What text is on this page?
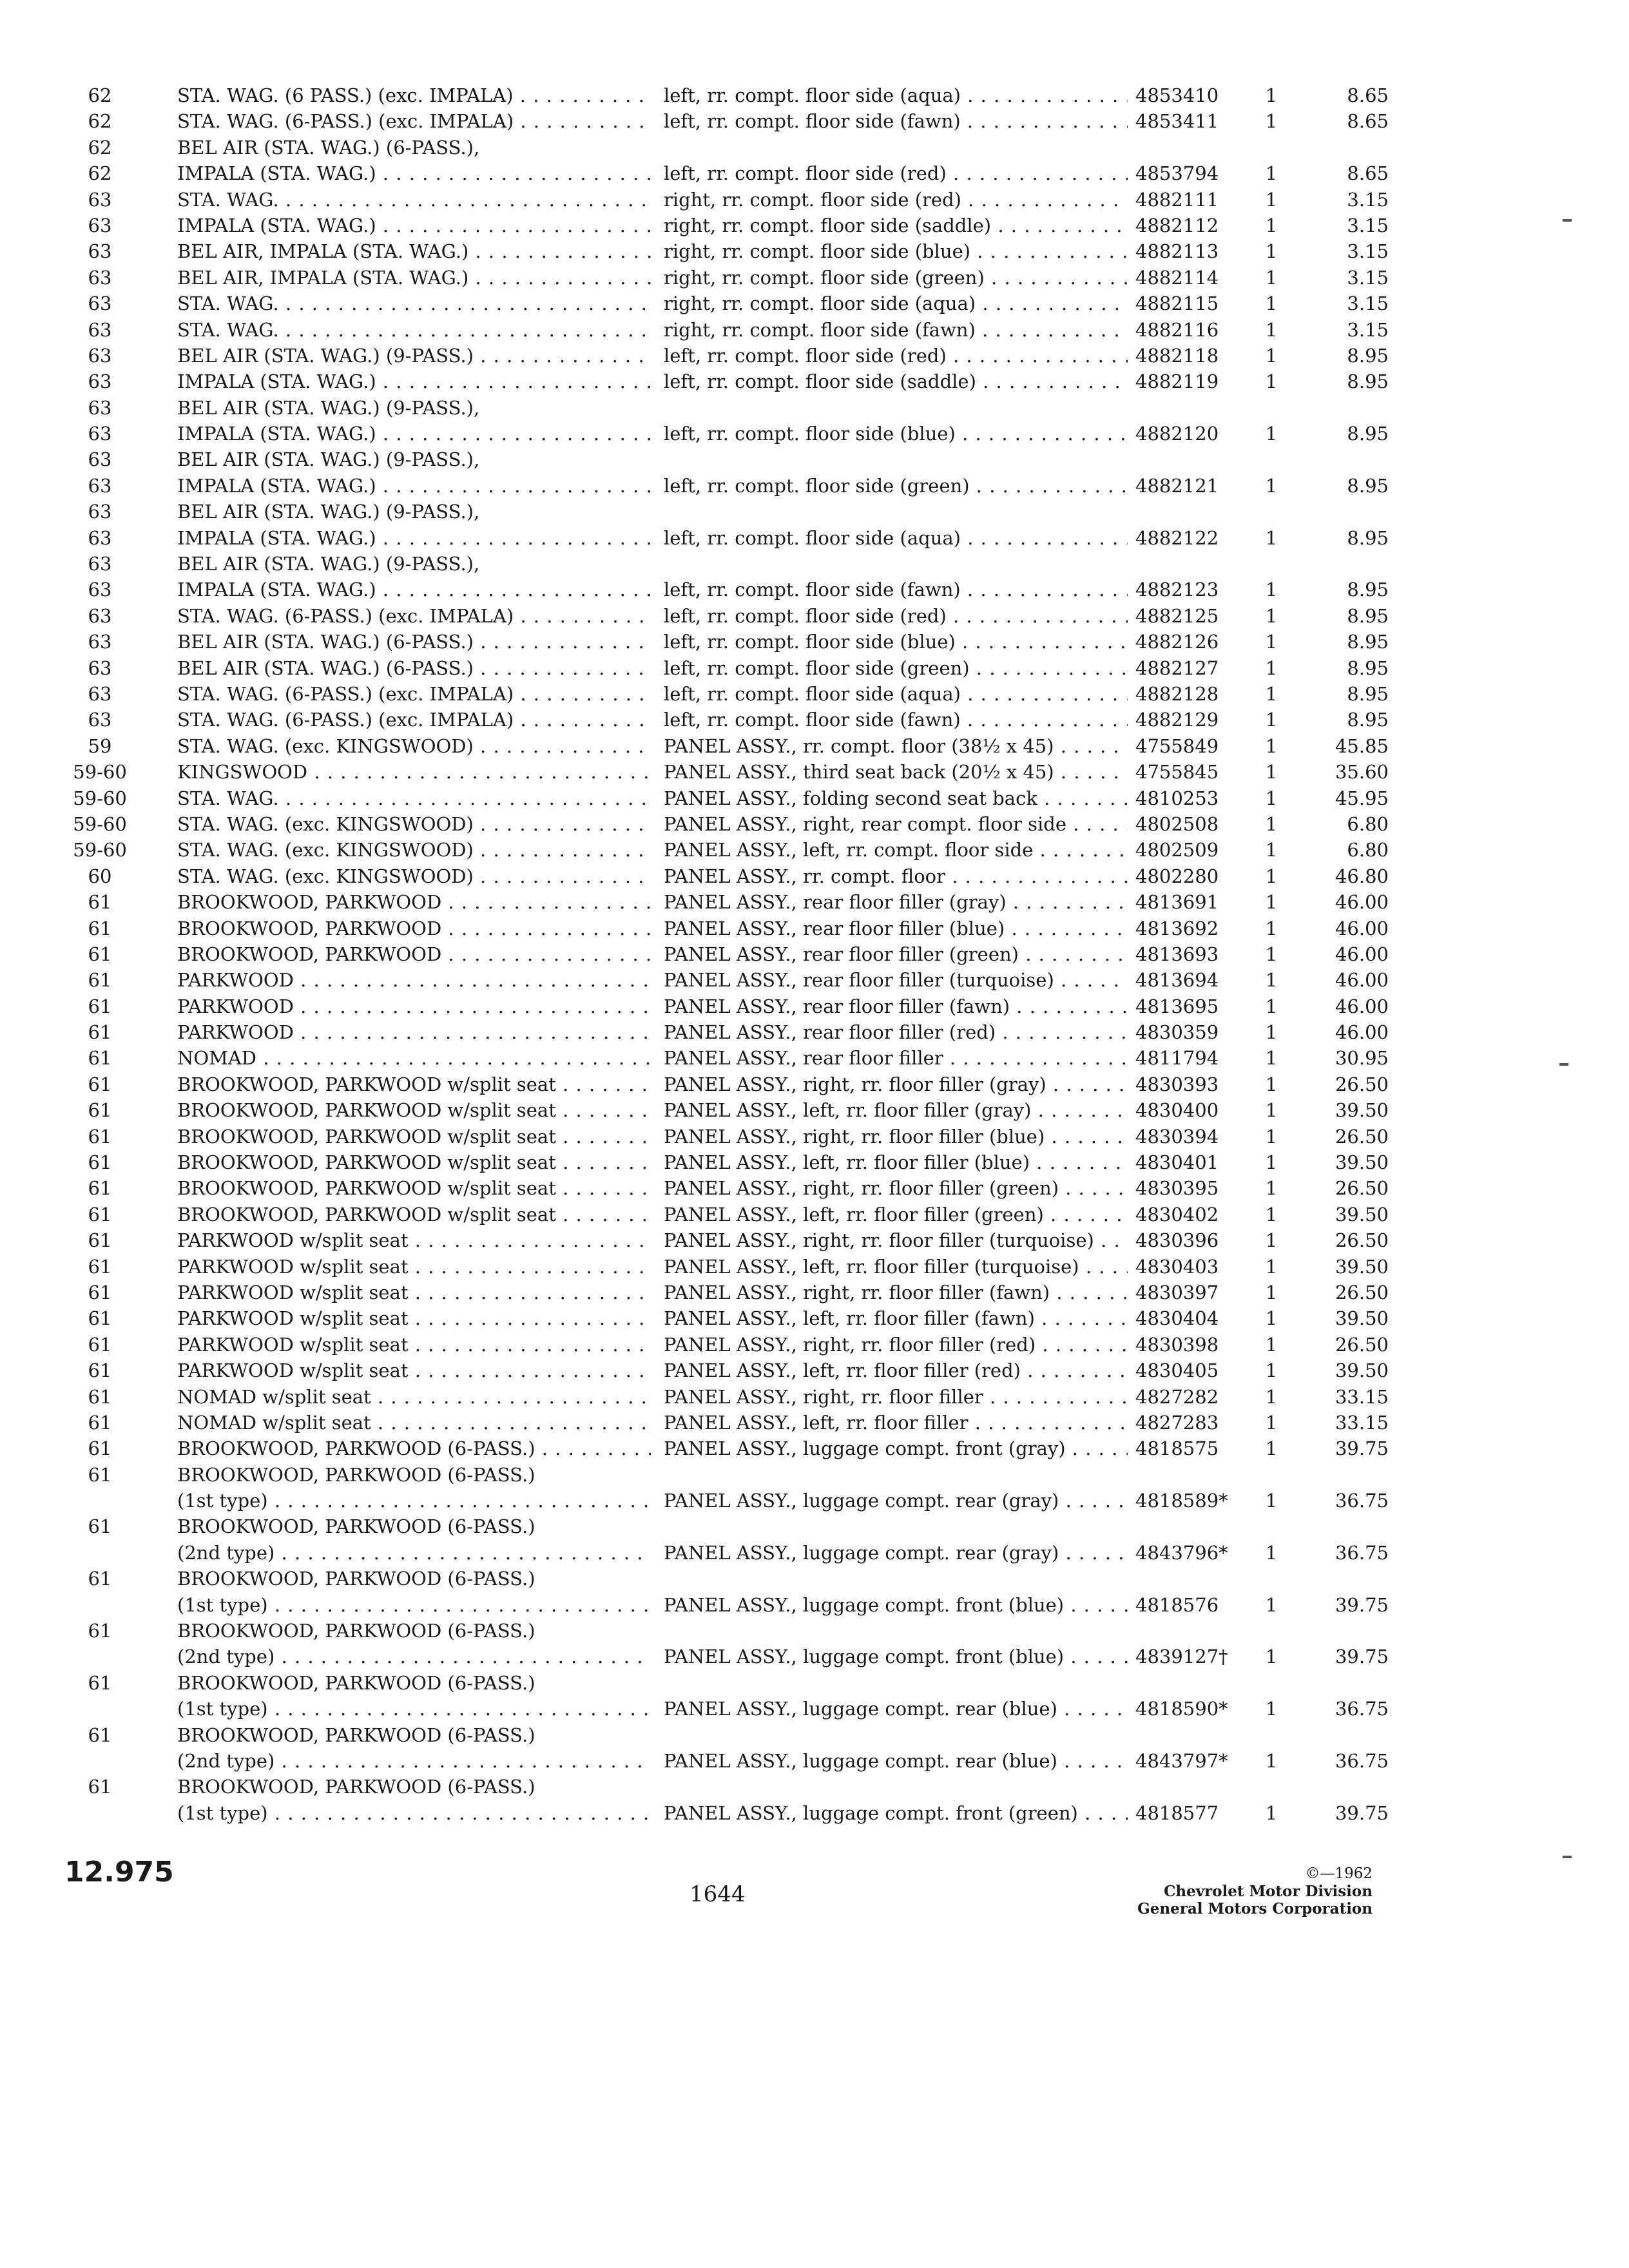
62	STA. WAG. (6 PASS.) (exc. IMPALA) . . .	left, rr. compt. floor side (aqua) . . .	4853410	1	8.65
62	STA. WAG. (6-PASS.) (exc. IMPALA) . . .	left, rr. compt. floor side (fawn) . . .	4853411	1	8.65
62	BEL AIR (STA. WAG.) (6-PASS.),
62	IMPALA (STA. WAG.) . . .	left, rr. compt. floor side (red) . . .	4853794	1	8.65
63	STA. WAG. . . .	right, rr. compt. floor side (red) . . .	4882111	1	3.15
63	IMPALA (STA. WAG.) . . .	right, rr. compt. floor side (saddle) . . .	4882112	1	3.15
63	BEL AIR, IMPALA (STA. WAG.) . . .	right, rr. compt. floor side (blue) . . .	4882113	1	3.15
63	BEL AIR, IMPALA (STA. WAG.) . . .	right, rr. compt. floor side (green) . . .	4882114	1	3.15
63	STA. WAG. . . .	right, rr. compt. floor side (aqua) . . .	4882115	1	3.15
63	STA. WAG. . . .	right, rr. compt. floor side (fawn) . . .	4882116	1	3.15
63	BEL AIR (STA. WAG.) (9-PASS.) . . .	left, rr. compt. floor side (red) . . .	4882118	1	8.95
63	IMPALA (STA. WAG.) . . .	left, rr. compt. floor side (saddle) . . .	4882119	1	8.95
63	BEL AIR (STA. WAG.) (9-PASS.),
63	IMPALA (STA. WAG.) . . .	left, rr. compt. floor side (blue) . . .	4882120	1	8.95
63	BEL AIR (STA. WAG.) (9-PASS.),
63	IMPALA (STA. WAG.) . . .	left, rr. compt. floor side (green) . . .	4882121	1	8.95
63	BEL AIR (STA. WAG.) (9-PASS.),
63	IMPALA (STA. WAG.) . . .	left, rr. compt. floor side (aqua) . . .	4882122	1	8.95
63	BEL AIR (STA. WAG.) (9-PASS.),
63	IMPALA (STA. WAG.) . . .	left, rr. compt. floor side (fawn) . . .	4882123	1	8.95
63	STA. WAG. (6-PASS.) (exc. IMPALA) . . .	left, rr. compt. floor side (red) . . .	4882125	1	8.95
63	BEL AIR (STA. WAG.) (6-PASS.) . . .	left, rr. compt. floor side (blue) . . .	4882126	1	8.95
63	BEL AIR (STA. WAG.) (6-PASS.) . . .	left, rr. compt. floor side (green) . . .	4882127	1	8.95
63	STA. WAG. (6-PASS.) (exc. IMPALA) . . .	left, rr. compt. floor side (aqua) . . .	4882128	1	8.95
63	STA. WAG. (6-PASS.) (exc. IMPALA) . . .	left, rr. compt. floor side (fawn) . . .	4882129	1	8.95
59	STA. WAG. (exc. KINGSWOOD) . . .	PANEL ASSY., rr. compt. floor (38½ x 45) . . .	4755849	1	45.85
59-60	KINGSWOOD . . .	PANEL ASSY., third seat back (20½ x 45) . . .	4755845	1	35.60
59-60	STA. WAG. . . .	PANEL ASSY., folding second seat back . . .	4810253	1	45.95
59-60	STA. WAG. (exc. KINGSWOOD) . . .	PANEL ASSY., right, rear compt. floor side . . .	4802508	1	6.80
59-60	STA. WAG. (exc. KINGSWOOD) . . .	PANEL ASSY., left, rr. compt. floor side . . .	4802509	1	6.80
60	STA. WAG. (exc. KINGSWOOD) . . .	PANEL ASSY., rr. compt. floor . . .	4802280	1	46.80
61	BROOKWOOD, PARKWOOD . . .	PANEL ASSY., rear floor filler (gray) . . .	4813691	1	46.00
61	BROOKWOOD, PARKWOOD . . .	PANEL ASSY., rear floor filler (blue) . . .	4813692	1	46.00
61	BROOKWOOD, PARKWOOD . . .	PANEL ASSY., rear floor filler (green) . . .	4813693	1	46.00
61	PARKWOOD . . .	PANEL ASSY., rear floor filler (turquoise) . . .	4813694	1	46.00
61	PARKWOOD . . .	PANEL ASSY., rear floor filler (fawn) . . .	4813695	1	46.00
61	PARKWOOD . . .	PANEL ASSY., rear floor filler (red) . . .	4830359	1	46.00
61	NOMAD . . .	PANEL ASSY., rear floor filler . . .	4811794	1	30.95
61	BROOKWOOD, PARKWOOD w/split seat . . .	PANEL ASSY., right, rr. floor filler (gray) . . .	4830393	1	26.50
61	BROOKWOOD, PARKWOOD w/split seat . . .	PANEL ASSY., left, rr. floor filler (gray) . . .	4830400	1	39.50
61	BROOKWOOD, PARKWOOD w/split seat . . .	PANEL ASSY., right, rr. floor filler (blue) . . .	4830394	1	26.50
61	BROOKWOOD, PARKWOOD w/split seat . . .	PANEL ASSY., left, rr. floor filler (blue) . . .	4830401	1	39.50
61	BROOKWOOD, PARKWOOD w/split seat . . .	PANEL ASSY., right, rr. floor filler (green) . . .	4830395	1	26.50
61	BROOKWOOD, PARKWOOD w/split seat . . .	PANEL ASSY., left, rr. floor filler (green) . . .	4830402	1	39.50
61	PARKWOOD w/split seat . . .	PANEL ASSY., right, rr. floor filler (turquoise) . . .	4830396	1	26.50
61	PARKWOOD w/split seat . . .	PANEL ASSY., left, rr. floor filler (turquoise) . . .	4830403	1	39.50
61	PARKWOOD w/split seat . . .	PANEL ASSY., right, rr. floor filler (fawn) . . .	4830397	1	26.50
61	PARKWOOD w/split seat . . .	PANEL ASSY., left, rr. floor filler (fawn) . . .	4830404	1	39.50
61	PARKWOOD w/split seat . . .	PANEL ASSY., right, rr. floor filler (red) . . .	4830398	1	26.50
61	PARKWOOD w/split seat . . .	PANEL ASSY., left, rr. floor filler (red) . . .	4830405	1	39.50
61	NOMAD w/split seat . . .	PANEL ASSY., right, rr. floor filler . . .	4827282	1	33.15
61	NOMAD w/split seat . . .	PANEL ASSY., left, rr. floor filler . . .	4827283	1	33.15
61	BROOKWOOD, PARKWOOD (6-PASS.) . . .	PANEL ASSY., luggage compt. front (gray) . . .	4818575	1	39.75
61	BROOKWOOD, PARKWOOD (6-PASS.)
(1st type) . . .	PANEL ASSY., luggage compt. rear (gray) . . .	4818589*	1	36.75
61	BROOKWOOD, PARKWOOD (6-PASS.)
(2nd type) . . .	PANEL ASSY., luggage compt. rear (gray) . . .	4843796*	1	36.75
61	BROOKWOOD, PARKWOOD (6-PASS.)
(1st type) . . .	PANEL ASSY., luggage compt. front (blue) . . .	4818576	1	39.75
61	BROOKWOOD, PARKWOOD (6-PASS.)
(2nd type) . . .	PANEL ASSY., luggage compt. front (blue) . . .	4839127†	1	39.75
61	BROOKWOOD, PARKWOOD (6-PASS.)
(1st type) . . .	PANEL ASSY., luggage compt. rear (blue) . . .	4818590*	1	36.75
61	BROOKWOOD, PARKWOOD (6-PASS.)
(2nd type) . . .	PANEL ASSY., luggage compt. rear (blue) . . .	4843797*	1	36.75
61	BROOKWOOD, PARKWOOD (6-PASS.)
(1st type) . . .	PANEL ASSY., luggage compt. front (green) . . .	4818577	1	39.75
12.975
1644
©—1962
Chevrolet Motor Division
General Motors Corporation
